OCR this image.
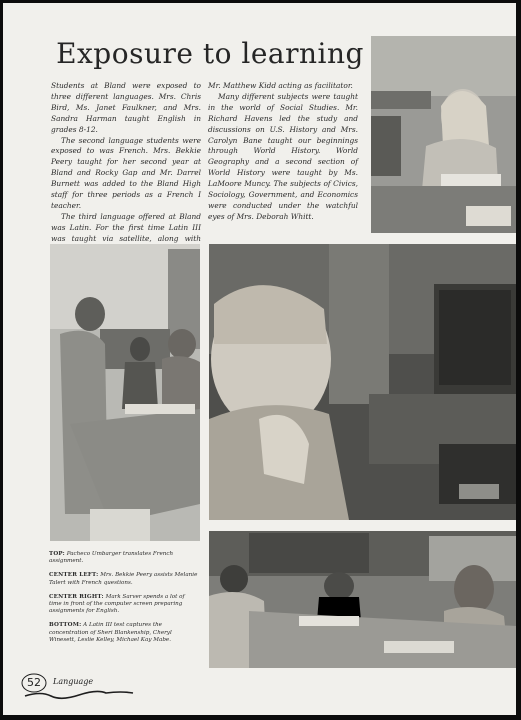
Exposure to learning

Students at Bland were exposed to three different languages. Mrs. Chris Bird, Ms. Janet Faulkner, and Mrs. Sandra Harman taught English in grades 8-12.

The second language students were exposed to was French. Mrs. Bekkie Peery taught for her second year at Bland and Rocky Gap and Mr. Darrel Burnett was added to the Bland High staff for three periods as a French I teacher.

The third language offered at Bland was Latin. For the first time Latin III was taught via satellite, along with

Mr. Matthew Kidd acting as facilitator.

Many different subjects were taught in the world of Social Studies. Mr. Richard Havens led the study and discussions on U.S. History and Mrs. Carolyn Bane taught our beginnings through World History. World Geography and a second section of World History were taught by Ms. LaMoore Muncy. The subjects of Civics, Sociology, Government, and Economics were conducted under the watchful eyes of Mrs. Deborah Whitt.

TOP: Pacheco Umbarger translates French assignment.

CENTER LEFT: Mrs. Bekkie Peery assists Melanie Talert with French questions.

CENTER RIGHT: Mark Sarver spends a lot of time in front of the computer screen preparing assignments for English.

BOTTOM: A Latin III test captures the concentration of Sheri Blankenship, Cheryl Winesett, Leslie Kelley, Michael Kay Mabe.

52 Language
